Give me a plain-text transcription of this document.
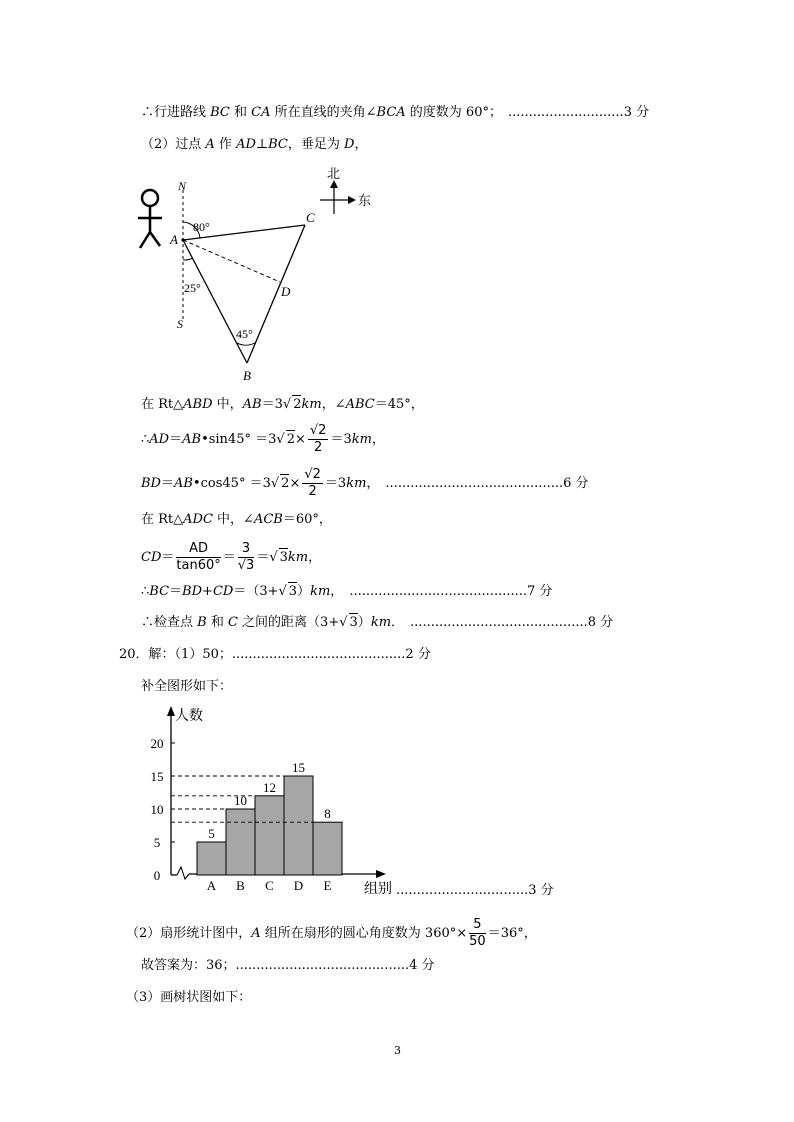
∴行进路线 BC 和 CA 所在直线的夹角∠BCA 的度数为 60°； ............................3 分
（2）过点 A 作 AD⊥BC，垂足为 D，
N
S
A
B
C
D
80°
25°
45°
北
东
在 Rt△ABD 中，AB＝3√ 2km，∠ABC＝45°，
∴AD＝AB•sin45° ＝3√ $2\times \frac{√2}{2} =3km$，
BD＝AB•cos45° ＝3√ $2\times \frac{√2}{2} =3km$， ...........................................6 分
在 Rt△ADC 中，∠ACB＝60°，
$CD= \frac{AD}{\tan 60^\circ} = \frac{3}{√3}$ ＝√ 3km，
∴BC＝BD+CD＝（3+√ 3）km， ...........................................7 分
∴检查点 B 和 C 之间的距离（3+√ 3）km． ...........................................8 分
20．解：（1）50；..........................................2 分
补全图形如下：
0
5
10
15
20
人数
组别
5
A
10
B
12
C
15
D
8
E	................................3 分
（2）扇形统计图中，A 组所在扇形的圆心角度数为 $360^\circ\times \frac{5}{50} =36^\circ$，
故答案为：36；..........................................4 分
（3）画树状图如下：
3
